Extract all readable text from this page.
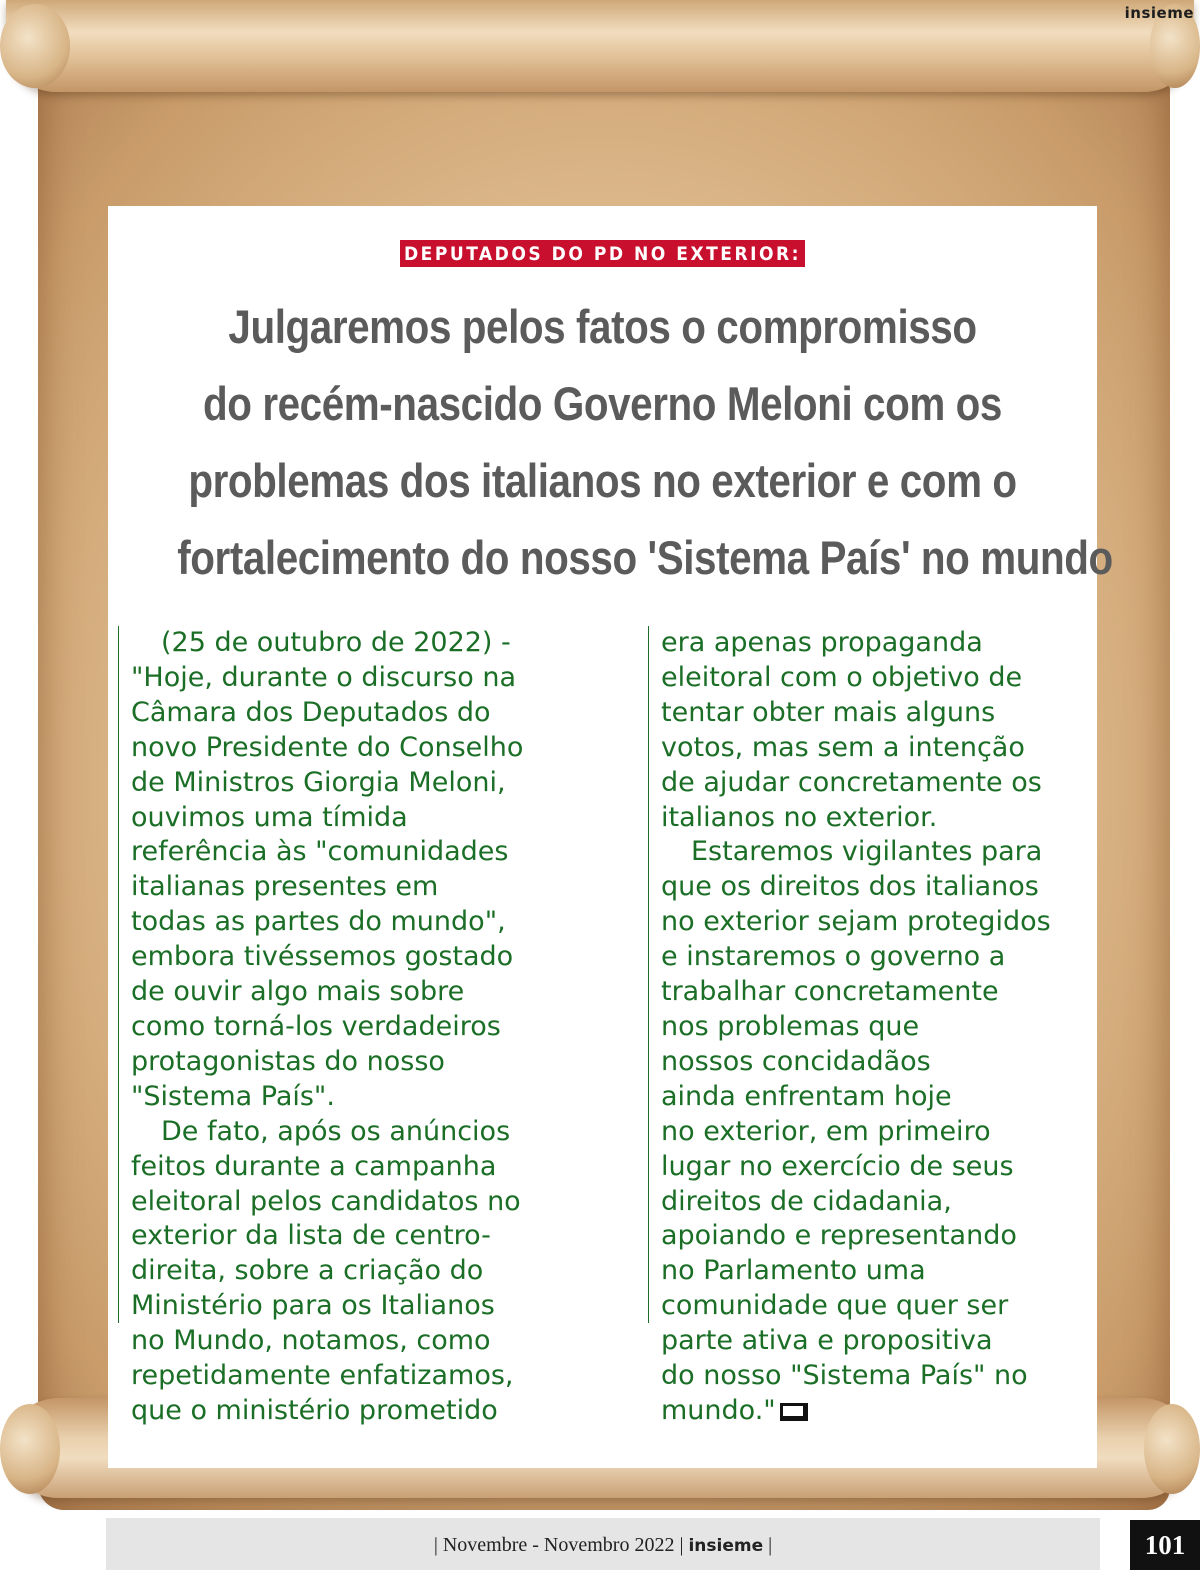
insieme
DEPUTADOS DO PD NO EXTERIOR:
Julgaremos pelos fatos o compromisso
do recém-nascido Governo Meloni com os
problemas dos italianos no exterior e com o
fortalecimento do nosso 'Sistema País' no mundo

(25 de outubro de 2022) -

"Hoje, durante o discurso na

Câmara dos Deputados do

novo Presidente do Conselho

de Ministros Giorgia Meloni,

ouvimos uma tímida

referência às "comunidades

italianas presentes em

todas as partes do mundo",

embora tivéssemos gostado

de ouvir algo mais sobre

como torná-los verdadeiros

protagonistas do nosso

"Sistema País".

De fato, após os anúncios

feitos durante a campanha

eleitoral pelos candidatos no

exterior da lista de centro-

direita, sobre a criação do

Ministério para os Italianos

no Mundo, notamos, como

repetidamente enfatizamos,

que o ministério prometido

era apenas propaganda

eleitoral com o objetivo de

tentar obter mais alguns

votos, mas sem a intenção

de ajudar concretamente os

italianos no exterior.

Estaremos vigilantes para

que os direitos dos italianos

no exterior sejam protegidos

e instaremos o governo a

trabalhar concretamente

nos problemas que

nossos concidadãos

ainda enfrentam hoje

no exterior, em primeiro

lugar no exercício de seus

direitos de cidadania,

apoiando e representando

no Parlamento uma

comunidade que quer ser

parte ativa e propositiva

do nosso "Sistema País" no

mundo."

| Novembre - Novembro 2022 | insieme |	101
